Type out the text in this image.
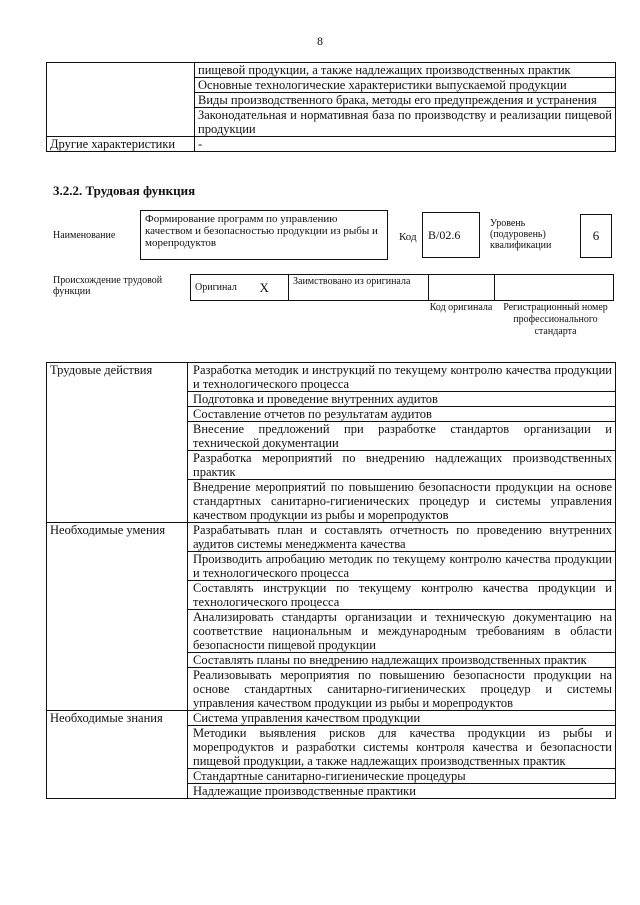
8
	пищевой продукции, а также надлежащих производственных практик
	Основные технологические характеристики выпускаемой продукции
	Виды производственного брака, методы его предупреждения и устранения
	Законодательная и нормативная база по производству и реализации пищевой продукции
Другие характеристики	-
3.2.2. Трудовая функция
Наименование
Формирование программ по управлению качеством и безопасностью продукции из рыбы и морепродуктов	Код B/02.6
Уровень (подуровень) квалификации
6
Происхождение трудовой функции	Оригинал	X	Заимствовано из оригинала		
Код оригинала	Регистрационный номер профессионального стандарта
Трудовые действия	Разработка методик и инструкций по текущему контролю качества продукции и технологического процесса
	Подготовка и проведение внутренних аудитов
	Составление отчетов по результатам аудитов
	Внесение предложений при разработке стандартов организации и технической документации
	Разработка мероприятий по внедрению надлежащих производственных практик
	Внедрение мероприятий по повышению безопасности продукции на основе стандартных санитарно-гигиенических процедур и системы управления качеством продукции из рыбы и морепродуктов
Необходимые умения	Разрабатывать план и составлять отчетность по проведению внутренних аудитов системы менеджмента качества
	Производить апробацию методик по текущему контролю качества продукции и технологического процесса
	Составлять инструкции по текущему контролю качества продукции и технологического процесса
	Анализировать стандарты организации и техническую документацию на соответствие национальным и международным требованиям в области безопасности пищевой продукции
	Составлять планы по внедрению надлежащих производственных практик
	Реализовывать мероприятия по повышению безопасности продукции на основе стандартных санитарно-гигиенических процедур и системы управления качеством продукции из рыбы и морепродуктов
Необходимые знания	Система управления качеством продукции
	Методики выявления рисков для качества продукции из рыбы и морепродуктов и разработки системы контроля качества и безопасности пищевой продукции, а также надлежащих производственных практик
	Стандартные санитарно-гигиенические процедуры
	Надлежащие производственные практики
